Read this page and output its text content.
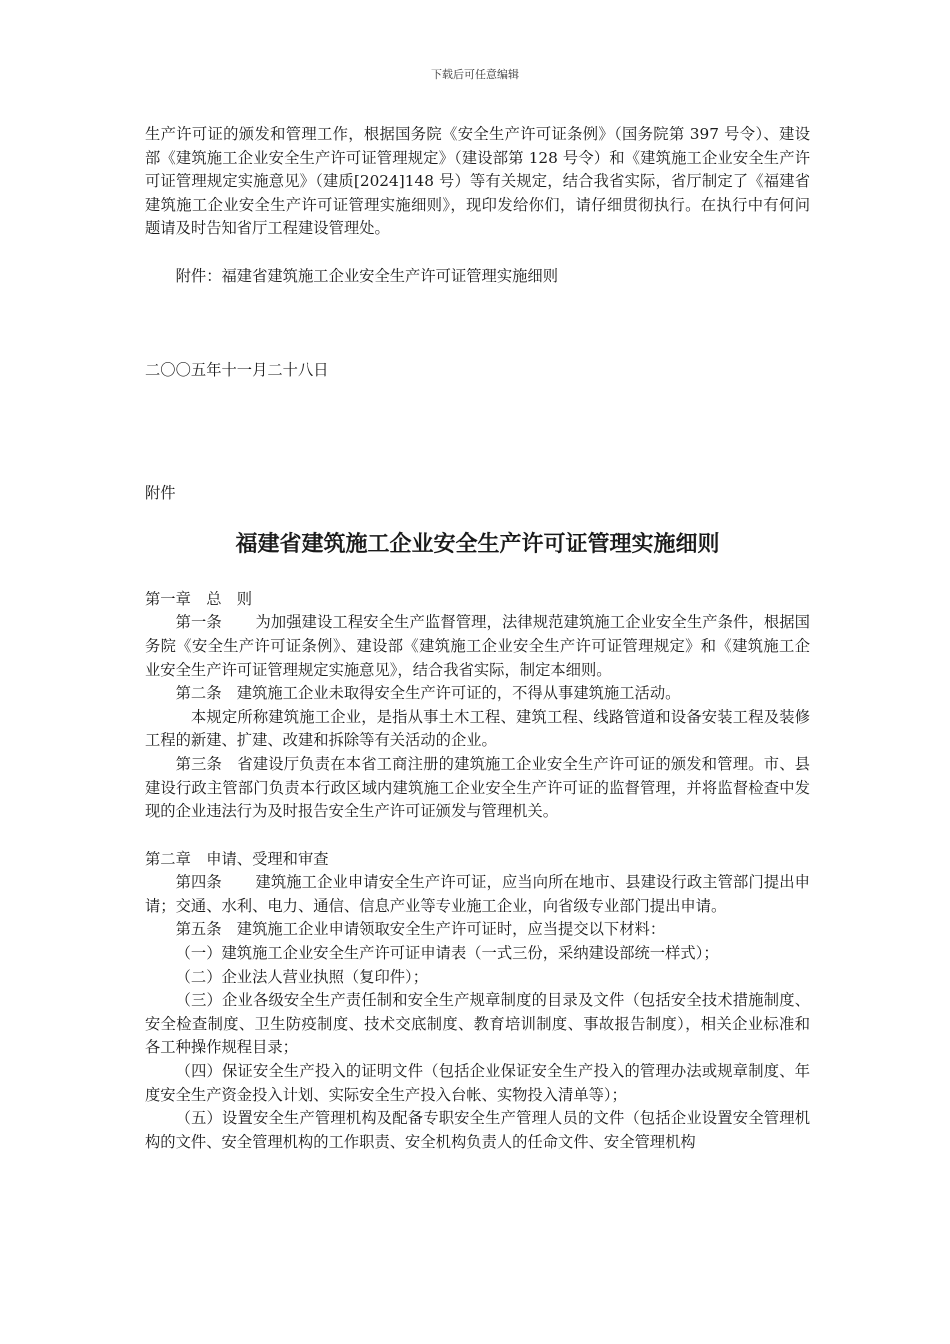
下载后可任意编辑

生产许可证的颁发和管理工作，根据国务院《安全生产许可证条例》（国务院第 397 号令）、建设部《建筑施工企业安全生产许可证管理规定》（建设部第 128 号令）和《建筑施工企业安全生产许可证管理规定实施意见》（建质[2024]148 号）等有关规定，结合我省实际，省厅制定了《福建省建筑施工企业安全生产许可证管理实施细则》，现印发给你们，请仔细贯彻执行。在执行中有何问题请及时告知省厅工程建设管理处。

附件：福建省建筑施工企业安全生产许可证管理实施细则

二〇〇五年十一月二十八日

附件

福建省建筑施工企业安全生产许可证管理实施细则

第一章　总　则

第一条 为加强建设工程安全生产监督管理，法律规范建筑施工企业安全生产条件，根据国务院《安全生产许可证条例》、建设部《建筑施工企业安全生产许可证管理规定》和《建筑施工企业安全生产许可证管理规定实施意见》，结合我省实际，制定本细则。

第二条 建筑施工企业未取得安全生产许可证的，不得从事建筑施工活动。

本规定所称建筑施工企业，是指从事土木工程、建筑工程、线路管道和设备安装工程及装修工程的新建、扩建、改建和拆除等有关活动的企业。

第三条 省建设厅负责在本省工商注册的建筑施工企业安全生产许可证的颁发和管理。市、县建设行政主管部门负责本行政区域内建筑施工企业安全生产许可证的监督管理，并将监督检查中发现的企业违法行为及时报告安全生产许可证颁发与管理机关。

第二章　申请、受理和审查

第四条 建筑施工企业申请安全生产许可证，应当向所在地市、县建设行政主管部门提出申请；交通、水利、电力、通信、信息产业等专业施工企业，向省级专业部门提出申请。

第五条 建筑施工企业申请领取安全生产许可证时，应当提交以下材料：

（一）建筑施工企业安全生产许可证申请表（一式三份，采纳建设部统一样式）；

（二）企业法人营业执照（复印件）；

（三）企业各级安全生产责任制和安全生产规章制度的目录及文件（包括安全技术措施制度、安全检查制度、卫生防疫制度、技术交底制度、教育培训制度、事故报告制度），相关企业标准和各工种操作规程目录；

（四）保证安全生产投入的证明文件（包括企业保证安全生产投入的管理办法或规章制度、年度安全生产资金投入计划、实际安全生产投入台帐、实物投入清单等）；

（五）设置安全生产管理机构及配备专职安全生产管理人员的文件（包括企业设置安全管理机构的文件、安全管理机构的工作职责、安全机构负责人的任命文件、安全管理机构
